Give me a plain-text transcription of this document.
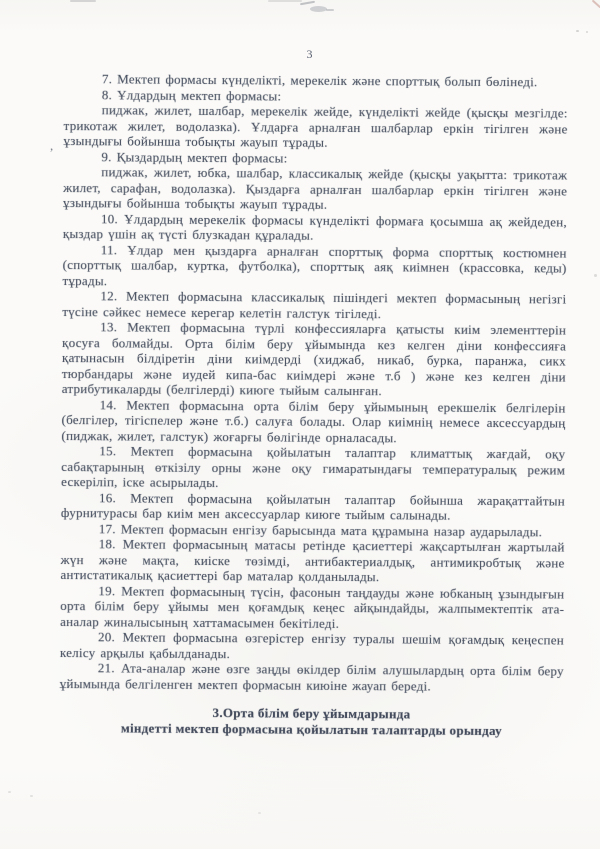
3

7. Мектеп формасы күнделікті, мерекелік және спорттық болып бөлінеді.

8. Ұлдардың мектеп формасы:

пиджак, жилет, шалбар, мерекелік жейде, күнделікті жейде (қысқы мезгілде: трикотаж жилет, водолазка). Ұлдарға арналған шалбарлар еркін тігілген және ұзындығы бойынша тобықты жауып тұрады.

9. Қыздардың мектеп формасы:

пиджак, жилет, юбка, шалбар, классикалық жейде (қысқы уақытта: трикотаж жилет, сарафан, водолазка). Қыздарға арналған шалбарлар еркін тігілген және ұзындығы бойынша тобықты жауып тұрады.

10. Ұлдардың мерекелік формасы күнделікті формаға қосымша ақ жейдеден, қыздар үшін ақ түсті блузкадан құралады.

11. Ұлдар мен қыздарға арналған спорттық форма спорттық костюмнен (спорттық шалбар, куртка, футболка), спорттық аяқ киімнен (крассовка, кеды) тұрады.

12. Мектеп формасына классикалық пішіндегі мектеп формасының негізгі түсіне сәйкес немесе керегар келетін галстук тігіледі.

13. Мектеп формасына түрлі конфессияларға қатысты киім элементтерін қосуға болмайды. Орта білім беру ұйымында кез келген діни конфессияға қатынасын білдіретін діни киімдерді (хиджаб, никаб, бурка, паранжа, сикх тюрбандары және иудей кипа-бас киімдері және т.б ) және кез келген діни атрибутикаларды (белгілерді) киюге тыйым салынған.

14. Мектеп формасына орта білім беру ұйымының ерекшелік белгілерін (белгілер, тігіспелер және т.б.) салуға болады. Олар киімнің немесе аксессуардың (пиджак, жилет, галстук) жоғарғы бөлігінде орналасады.

15. Мектеп формасына қойылатын талаптар климаттық жағдай, оқу сабақтарының өткізілу орны және оқу гимаратындағы температуралық режим ескеріліп, іске асырылады.

16. Мектеп формасына қойылатын талаптар бойынша жарақаттайтын фурнитурасы бар киім мен аксессуарлар киюге тыйым салынады.

17. Мектеп формасын енгізу барысында мата құрамына назар аударылады.

18. Мектеп формасының матасы ретінде қасиеттері жақсартылған жартылай жүн және мақта, киіске төзімді, антибактериалдық, антимикробтық және антистатикалық қасиеттері бар маталар қолданылады.

19. Мектеп формасының түсін, фасонын таңдауды және юбканың ұзындығын орта білім беру ұйымы мен қоғамдық кеңес айқындайды, жалпымектептік ата-аналар жиналысының хаттамасымен бекітіледі.

20. Мектеп формасына өзгерістер енгізу туралы шешім қоғамдық кеңеспен келісу арқылы қабылданады.

21. Ата-аналар және өзге заңды өкілдер білім алушылардың орта білім беру ұйымында белгіленген мектеп формасын киюіне жауап береді.

3.Орта білім беру ұйымдарында
міндетті мектеп формасына қойылатын талаптарды орындау
,
